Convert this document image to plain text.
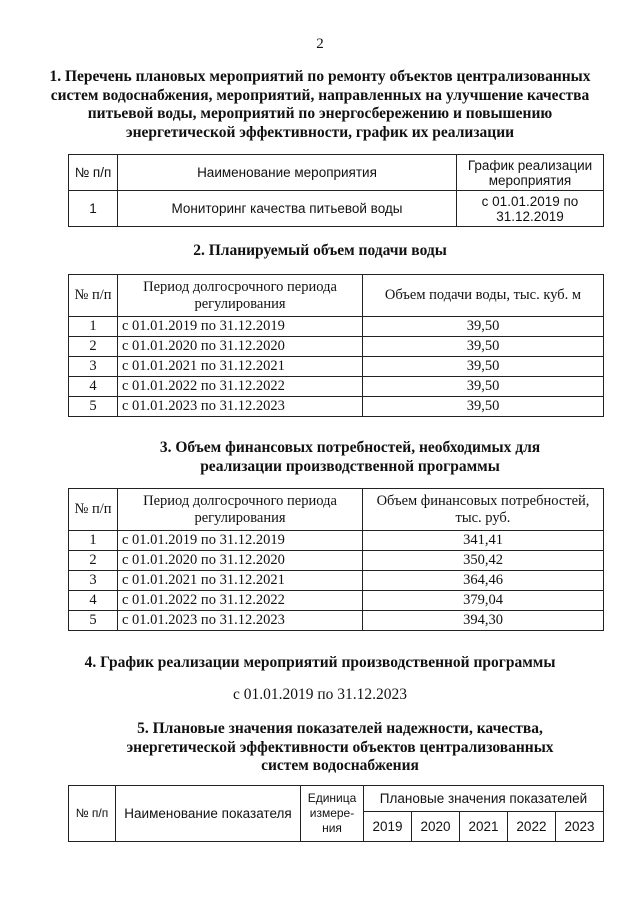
2
1. Перечень плановых мероприятий по ремонту объектов централизованных систем водоснабжения, мероприятий, направленных на улучшение качества питьевой воды, мероприятий по энергосбережению и повышению энергетической эффективности, график их реализации
№ п/п	Наименование мероприятия	График реализации мероприятия
1	Мониторинг качества питьевой воды	с 01.01.2019 по 31.12.2019
2. Планируемый объем подачи воды
№ п/п	Период долгосрочного периода регулирования	Объем подачи воды, тыс. куб. м
1	с 01.01.2019 по 31.12.2019	39,50
2	с 01.01.2020 по 31.12.2020	39,50
3	с 01.01.2021 по 31.12.2021	39,50
4	с 01.01.2022 по 31.12.2022	39,50
5	с 01.01.2023 по 31.12.2023	39,50
3. Объем финансовых потребностей, необходимых для реализации производственной программы
№ п/п	Период долгосрочного периода регулирования	Объем финансовых потребностей, тыс. руб.
1	с 01.01.2019 по 31.12.2019	341,41
2	с 01.01.2020 по 31.12.2020	350,42
3	с 01.01.2021 по 31.12.2021	364,46
4	с 01.01.2022 по 31.12.2022	379,04
5	с 01.01.2023 по 31.12.2023	394,30
4. График реализации мероприятий производственной программы
с 01.01.2019 по 31.12.2023
5. Плановые значения показателей надежности, качества, энергетической эффективности объектов централизованных систем водоснабжения
№ п/п	Наименование показателя	Единица измере-ния	Плановые значения показателей				
			2019	2020	2021	2022	2023
